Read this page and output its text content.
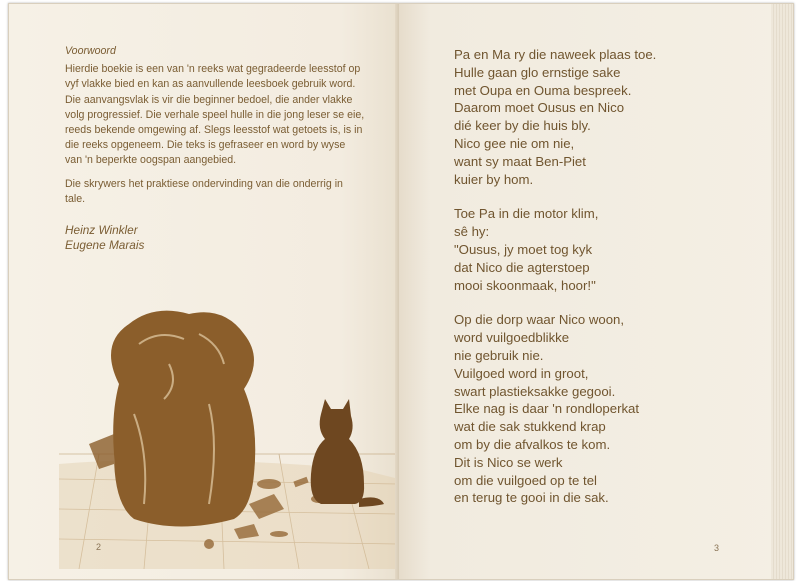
Voorwoord

Hierdie boekie is een van 'n reeks wat gegradeerde leesstof op vyf vlakke bied en kan as aanvullende leesboek gebruik word. Die aanvangsvlak is vir die beginner bedoel, die ander vlakke volg progressief. Die verhale speel hulle in die jong leser se eie, reeds bekende omgewing af. Slegs leesstof wat getoets is, is in die reeks opgeneem. Die teks is gefraseer en word by wyse van 'n beperkte oogspan aangebied.

Die skrywers het praktiese ondervinding van die onderrig in tale.

Heinz Winkler
Eugene Marais
2
Pa en Ma ry die naweek plaas toe.
Hulle gaan glo ernstige sake
met Oupa en Ouma bespreek.
Daarom moet Ousus en Nico
dié keer by die huis bly.
Nico gee nie om nie,
want sy maat Ben-Piet
kuier by hom.
Toe Pa in die motor klim,
sê hy:
"Ousus, jy moet tog kyk
dat Nico die agterstoep
mooi skoonmaak, hoor!"
Op die dorp waar Nico woon,
word vuilgoedblikke
nie gebruik nie.
Vuilgoed word in groot,
swart plastieksakke gegooi.
Elke nag is daar 'n rondloperkat
wat die sak stukkend krap
om by die afvalkos te kom.
Dit is Nico se werk
om die vuilgoed op te tel
en terug te gooi in die sak.
3
